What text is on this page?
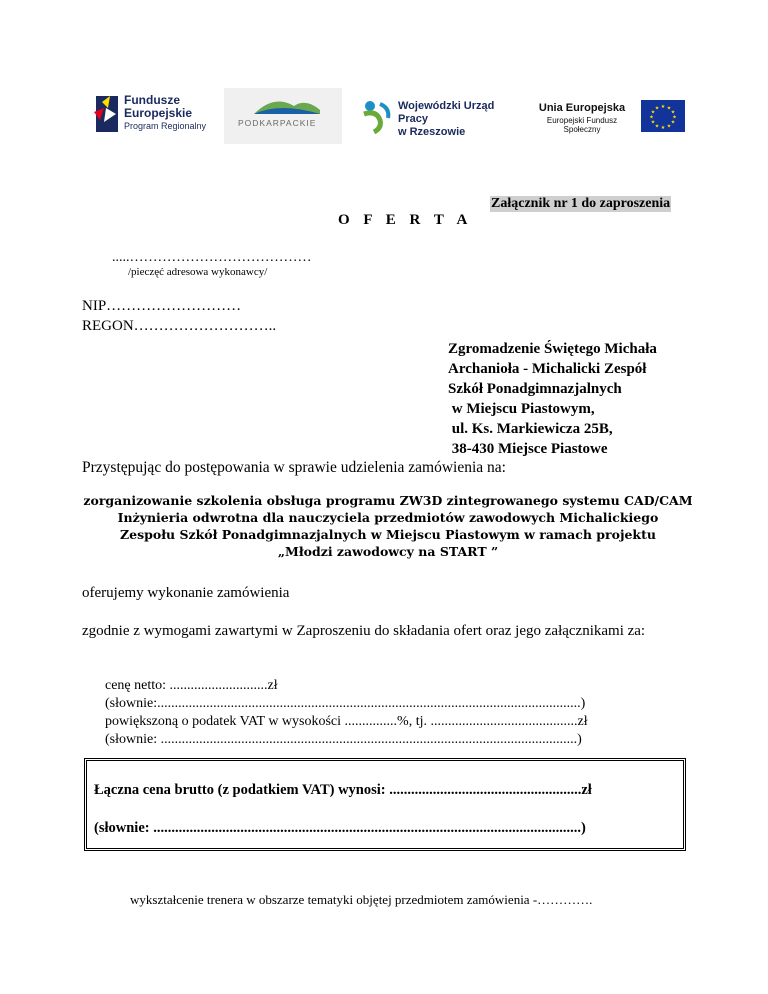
Fundusze
Europejskie
Program Regionalny	PODKARPACKIE
Wojewódzki Urząd Pracy
w Rzeszowie
Unia Europejska
Europejski Fundusz Społeczny
★ ★
★
★
★
★
★
★
★
★
★
★
Załącznik nr 1 do zaproszenia
O F E R T A
.....…………………………………
/pieczęć adresowa wykonawcy/
NIP………………………
REGON………………………..
Zgromadzenie Świętego Michała
Archanioła - Michalicki Zespół
Szkół Ponadgimnazjalnych
w Miejscu Piastowym,
ul. Ks. Markiewicza 25B,
38-430 Miejsce Piastowe
Przystępując do postępowania w sprawie udzielenia zamówienia na:
zorganizowanie szkolenia obsługa programu ZW3D zintegrowanego systemu CAD/CAM
Inżynieria odwrotna dla nauczyciela przedmiotów zawodowych Michalickiego
Zespołu Szkół Ponadgimnazjalnych w Miejscu Piastowym w ramach projektu
„Młodzi zawodowcy na START ”
oferujemy wykonanie zamówienia
zgodnie z wymogami zawartymi w Zaproszeniu do składania ofert oraz jego załącznikami za:
cenę netto: ............................zł
(słownie:.........................................................................................................................)
powiększoną o podatek VAT w wysokości ...............%, tj. ..........................................zł
(słownie: .......................................................................................................................)
Łączna cena brutto (z podatkiem VAT) wynosi: .....................................................zł
(słownie: ......................................................................................................................)
wykształcenie trenera w obszarze tematyki objętej przedmiotem zamówienia -………….
